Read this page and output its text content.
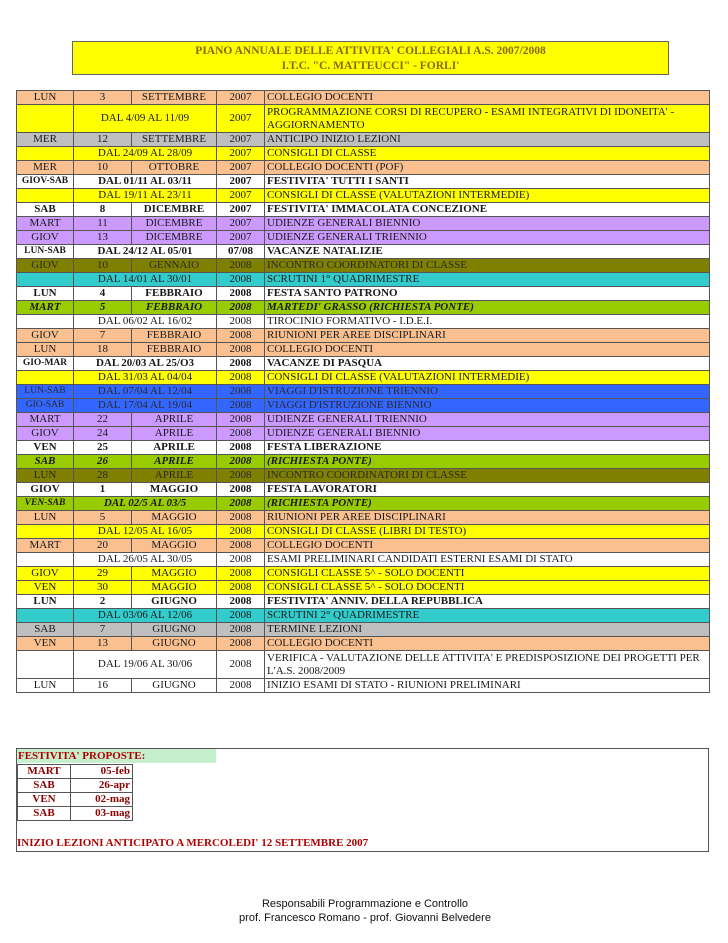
PIANO ANNUALE DELLE ATTIVITA' COLLEGIALI A.S. 2007/2008
I.T.C. "C. MATTEUCCI" - FORLI'
LUN	3	SETTEMBRE	2007	COLLEGIO DOCENTI
	DAL 4/09 AL 11/09		2007	PROGRAMMAZIONE CORSI DI RECUPERO - ESAMI INTEGRATIVI DI IDONEITA' - AGGIORNAMENTO
MER	12	SETTEMBRE	2007	ANTICIPO INIZIO LEZIONI
	DAL 24/09 AL 28/09		2007	CONSIGLI DI CLASSE
MER	10	OTTOBRE	2007	COLLEGIO DOCENTI (POF)
GIOV-SAB	DAL 01/11 AL 03/11		2007	FESTIVITA' TUTTI I SANTI
	DAL 19/11 AL 23/11		2007	CONSIGLI DI CLASSE (VALUTAZIONI INTERMEDIE)
SAB	8	DICEMBRE	2007	FESTIVITA' IMMACOLATA CONCEZIONE
MART	11	DICEMBRE	2007	UDIENZE GENERALI BIENNIO
GIOV	13	DICEMBRE	2007	UDIENZE GENERALI TRIENNIO
LUN-SAB	DAL 24/12 AL 05/01		07/08	VACANZE NATALIZIE
GIOV	10	GENNAIO	2008	INCONTRO COORDINATORI DI CLASSE
	DAL 14/01 AL 30/01		2008	SCRUTINI 1° QUADRIMESTRE
LUN	4	FEBBRAIO	2008	FESTA SANTO PATRONO
MART	5	FEBBRAIO	2008	MARTEDI' GRASSO (RICHIESTA PONTE)
	DAL 06/02 AL 16/02		2008	TIROCINIO FORMATIVO - I.D.E.I.
GIOV	7	FEBBRAIO	2008	RIUNIONI PER AREE DISCIPLINARI
LUN	18	FEBBRAIO	2008	COLLEGIO DOCENTI
GIO-MAR	DAL 20/03 AL 25/O3		2008	VACANZE DI PASQUA
	DAL 31/03 AL 04/04		2008	CONSIGLI DI CLASSE (VALUTAZIONI INTERMEDIE)
LUN-SAB	DAL 07/04 AL 12/04		2008	VIAGGI D'ISTRUZIONE TRIENNIO
GIO-SAB	DAL 17/04 AL 19/04		2008	VIAGGI D'ISTRUZIONE BIENNIO
MART	22	APRILE	2008	UDIENZE GENERALI TRIENNIO
GIOV	24	APRILE	2008	UDIENZE GENERALI BIENNIO
VEN	25	APRILE	2008	FESTA LIBERAZIONE
SAB	26	APRILE	2008	(RICHIESTA PONTE)
LUN	28	APRILE	2008	INCONTRO COORDINATORI DI CLASSE
GIOV	1	MAGGIO	2008	FESTA LAVORATORI
VEN-SAB	DAL 02/5 AL 03/5		2008	(RICHIESTA PONTE)
LUN	5	MAGGIO	2008	RIUNIONI PER AREE DISCIPLINARI
	DAL 12/05 AL 16/05		2008	CONSIGLI DI CLASSE (LIBRI DI TESTO)
MART	20	MAGGIO	2008	COLLEGIO DOCENTI
	DAL 26/05 AL 30/05		2008	ESAMI PRELIMINARI CANDIDATI ESTERNI ESAMI DI STATO
GIOV	29	MAGGIO	2008	CONSIGLI CLASSE 5^ - SOLO DOCENTI
VEN	30	MAGGIO	2008	CONSIGLI CLASSE 5^ - SOLO DOCENTI
LUN	2	GIUGNO	2008	FESTIVITA' ANNIV. DELLA REPUBBLICA
	DAL 03/06 AL 12/06		2008	SCRUTINI 2° QUADRIMESTRE
SAB	7	GIUGNO	2008	TERMINE LEZIONI
VEN	13	GIUGNO	2008	COLLEGIO DOCENTI
	DAL 19/06 AL 30/06		2008	VERIFICA - VALUTAZIONE DELLE ATTIVITA' E PREDISPOSIZIONE DEI PROGETTI PER L'A.S. 2008/2009
LUN	16	GIUGNO	2008	INIZIO ESAMI DI STATO - RIUNIONI PRELIMINARI
FESTIVITA' PROPOSTE:
MART	05-feb
SAB	26-apr
VEN	02-mag
SAB	03-mag
INIZIO LEZIONI ANTICIPATO A MERCOLEDI' 12 SETTEMBRE 2007
Responsabili Programmazione e Controllo
prof. Francesco Romano - prof. Giovanni Belvedere
